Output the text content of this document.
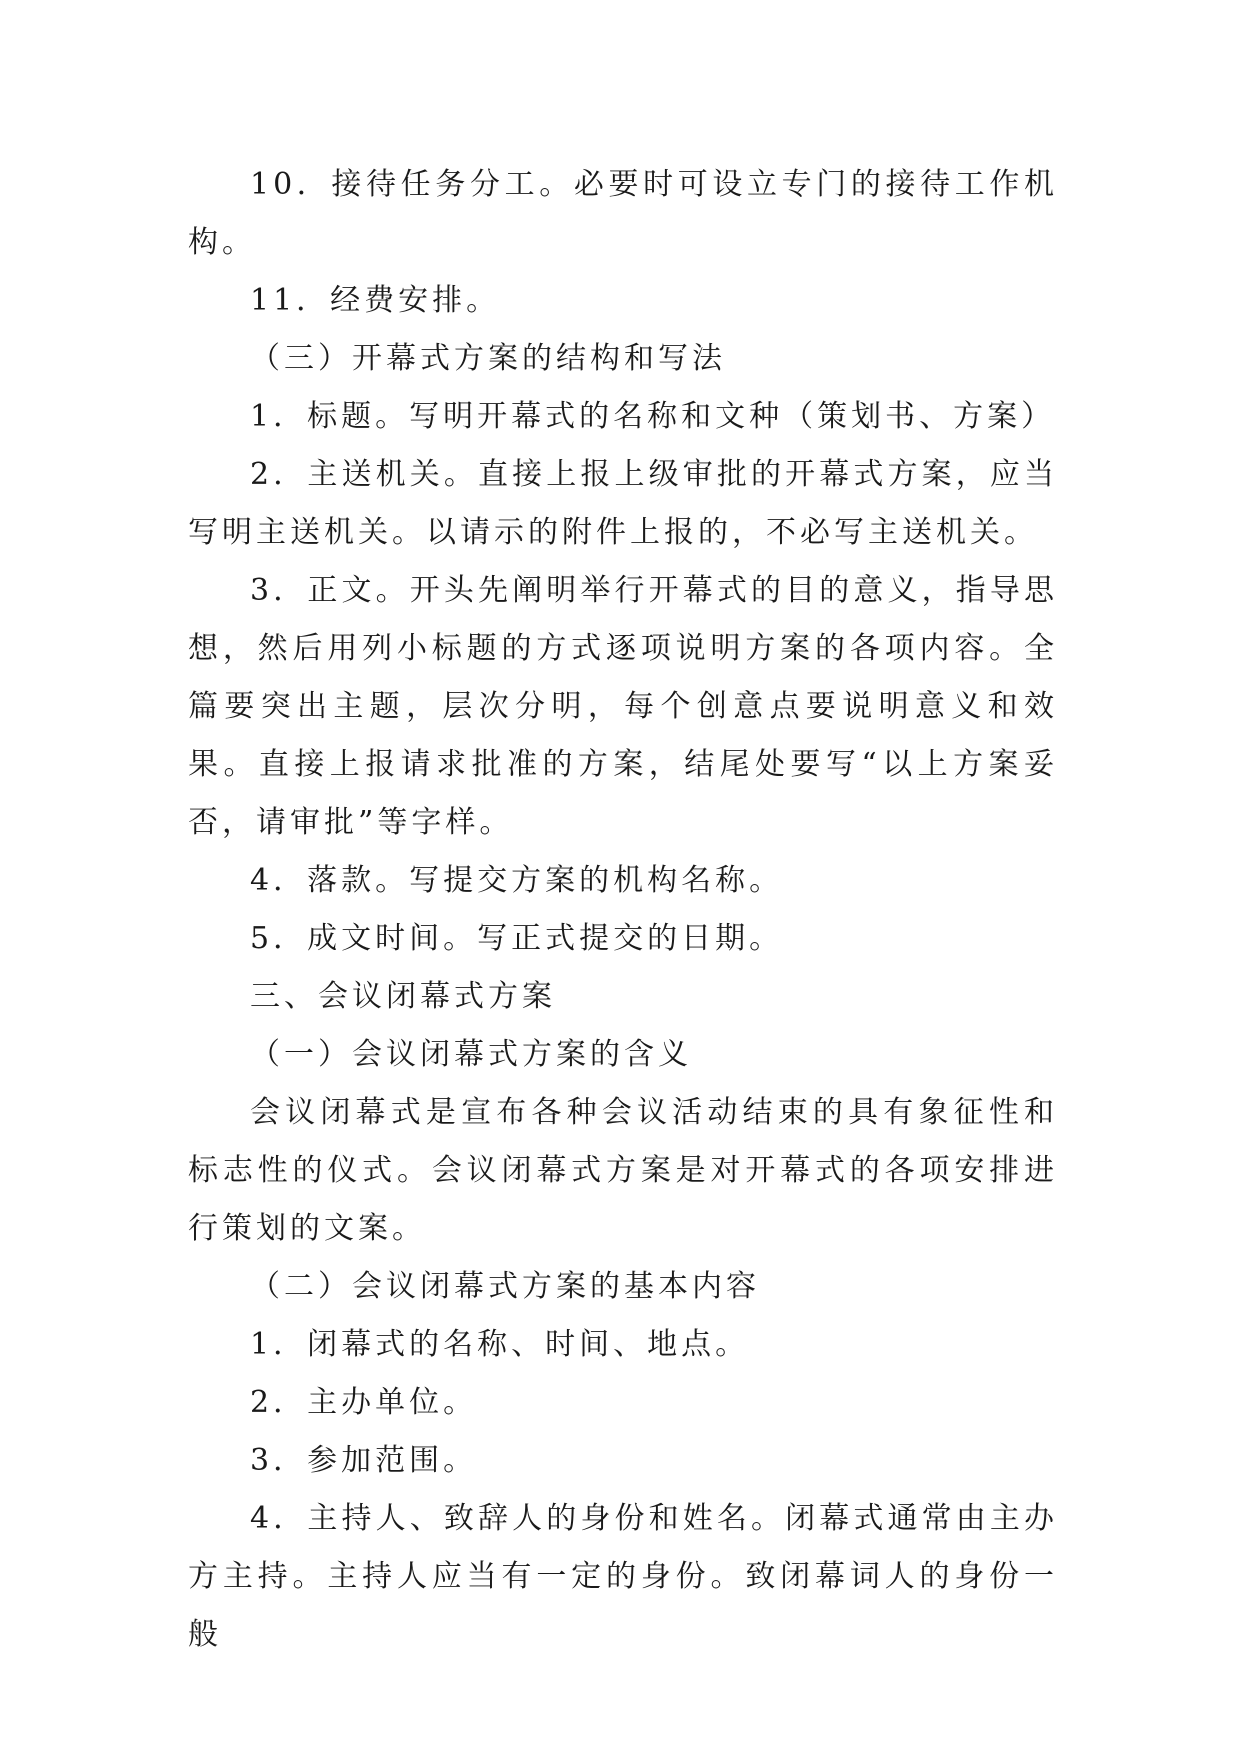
10．接待任务分工。必要时可设立专门的接待工作机构。

11．经费安排。

（三）开幕式方案的结构和写法

1．标题。写明开幕式的名称和文种（策划书、方案）

2．主送机关。直接上报上级审批的开幕式方案，应当写明主送机关。以请示的附件上报的，不必写主送机关。

3．正文。开头先阐明举行开幕式的目的意义，指导思想，然后用列小标题的方式逐项说明方案的各项内容。全篇要突出主题，层次分明，每个创意点要说明意义和效果。直接上报请求批准的方案，结尾处要写“以上方案妥否，请审批”等字样。

4．落款。写提交方案的机构名称。

5．成文时间。写正式提交的日期。

三、会议闭幕式方案

（一）会议闭幕式方案的含义

会议闭幕式是宣布各种会议活动结束的具有象征性和标志性的仪式。会议闭幕式方案是对开幕式的各项安排进行策划的文案。

（二）会议闭幕式方案的基本内容

1．闭幕式的名称、时间、地点。

2．主办单位。

3．参加范围。

4．主持人、致辞人的身份和姓名。闭幕式通常由主办方主持。主持人应当有一定的身份。致闭幕词人的身份一般
